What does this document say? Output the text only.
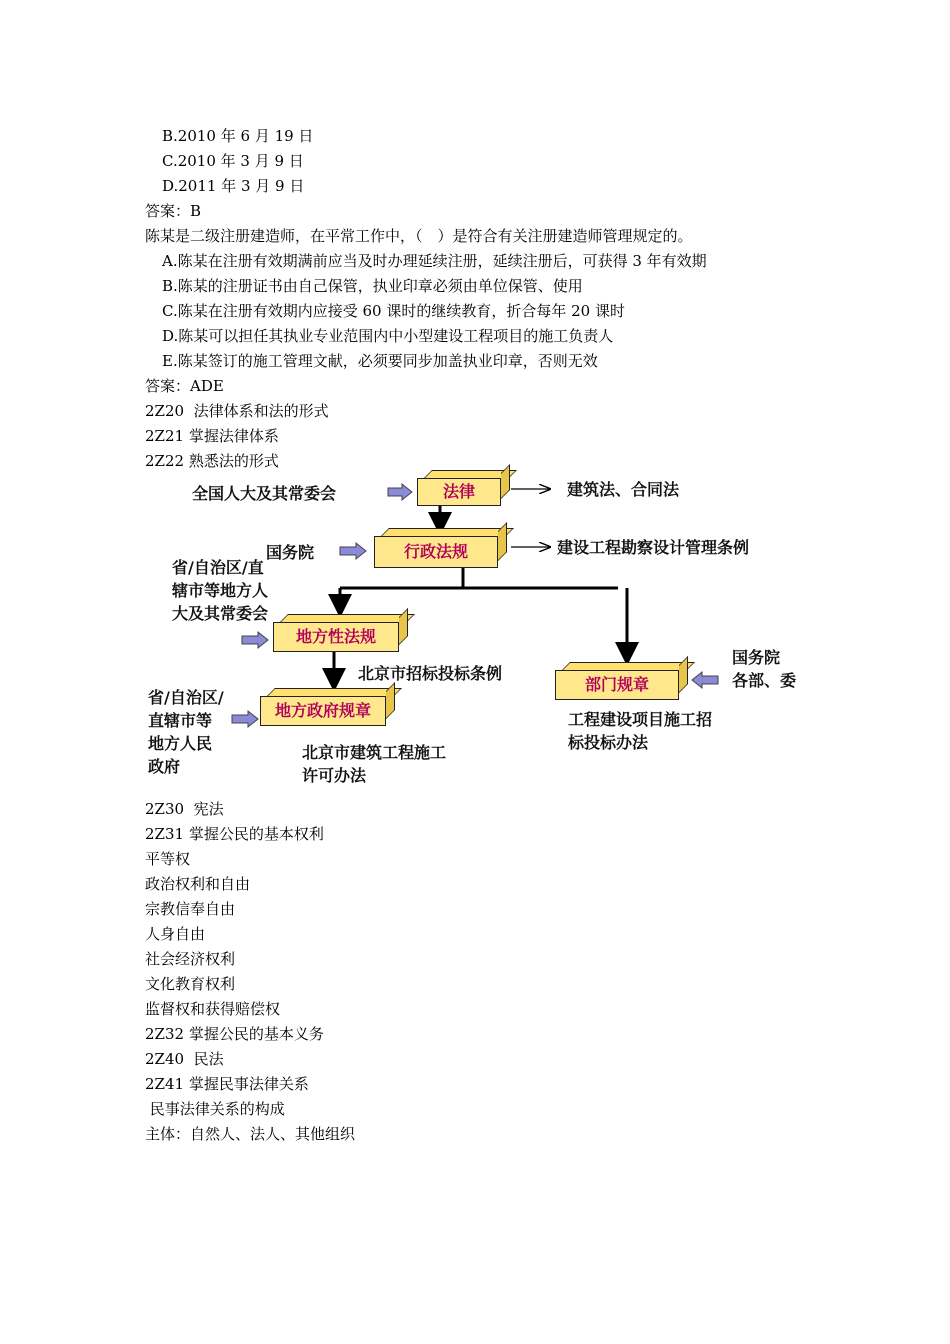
B.2010 年 6 月 19 日
C.2010 年 3 月 9 日
D.2011 年 3 月 9 日
答案：B
陈某是二级注册建造师，在平常工作中，（　）是符合有关注册建造师管理规定的。
A.陈某在注册有效期满前应当及时办理延续注册，延续注册后，可获得 3 年有效期
B.陈某的注册证书由自己保管，执业印章必须由单位保管、使用
C.陈某在注册有效期内应接受 60 课时的继续教育，折合每年 20 课时
D.陈某可以担任其执业专业范围内中小型建设工程项目的施工负责人
E.陈某签订的施工管理文献，必须要同步加盖执业印章，否则无效
答案：ADE
2Z20  法律体系和法的形式
2Z21 掌握法律体系
2Z22 熟悉法的形式
法律
行政法规
地方性法规
地方政府规章
部门规章
全国人大及其常委会
国务院
省/自治区/直
辖市等地方人
大及其常委会
省/自治区/
直辖市等
地方人民
政府
国务院
各部、委
建筑法、合同法
建设工程勘察设计管理条例
北京市招标投标条例
北京市建筑工程施工
许可办法
工程建设项目施工招
标投标办法
2Z30  宪法
2Z31 掌握公民的基本权利
平等权
政治权利和自由
宗教信奉自由
人身自由
社会经济权利
文化教育权利
监督权和获得赔偿权
2Z32 掌握公民的基本义务
2Z40  民法
2Z41 掌握民事法律关系
民事法律关系的构成
主体：自然人、法人、其他组织
